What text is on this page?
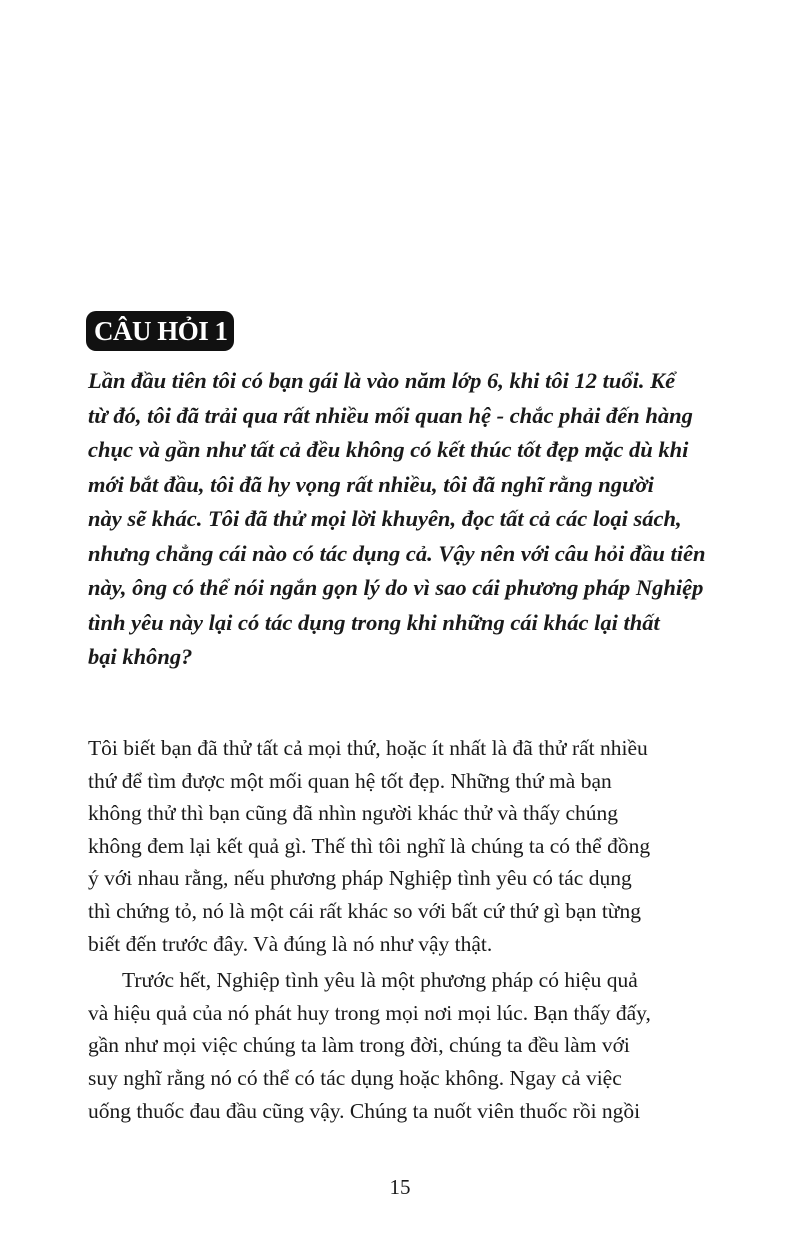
CÂU HỎI 1

Lần đầu tiên tôi có bạn gái là vào năm lớp 6, khi tôi 12 tuổi. Kể
từ đó, tôi đã trải qua rất nhiều mối quan hệ - chắc phải đến hàng
chục và gần như tất cả đều không có kết thúc tốt đẹp mặc dù khi
mới bắt đầu, tôi đã hy vọng rất nhiều, tôi đã nghĩ rằng người
này sẽ khác. Tôi đã thử mọi lời khuyên, đọc tất cả các loại sách,
nhưng chẳng cái nào có tác dụng cả. Vậy nên với câu hỏi đầu tiên
này, ông có thể nói ngắn gọn lý do vì sao cái phương pháp Nghiệp
tình yêu này lại có tác dụng trong khi những cái khác lại thất
bại không?

Tôi biết bạn đã thử tất cả mọi thứ, hoặc ít nhất là đã thử rất nhiều
thứ để tìm được một mối quan hệ tốt đẹp. Những thứ mà bạn
không thử thì bạn cũng đã nhìn người khác thử và thấy chúng
không đem lại kết quả gì. Thế thì tôi nghĩ là chúng ta có thể đồng
ý với nhau rằng, nếu phương pháp Nghiệp tình yêu có tác dụng
thì chứng tỏ, nó là một cái rất khác so với bất cứ thứ gì bạn từng
biết đến trước đây. Và đúng là nó như vậy thật.
Trước hết, Nghiệp tình yêu là một phương pháp có hiệu quả
và hiệu quả của nó phát huy trong mọi nơi mọi lúc. Bạn thấy đấy,
gần như mọi việc chúng ta làm trong đời, chúng ta đều làm với
suy nghĩ rằng nó có thể có tác dụng hoặc không. Ngay cả việc
uống thuốc đau đầu cũng vậy. Chúng ta nuốt viên thuốc rồi ngồi
15
